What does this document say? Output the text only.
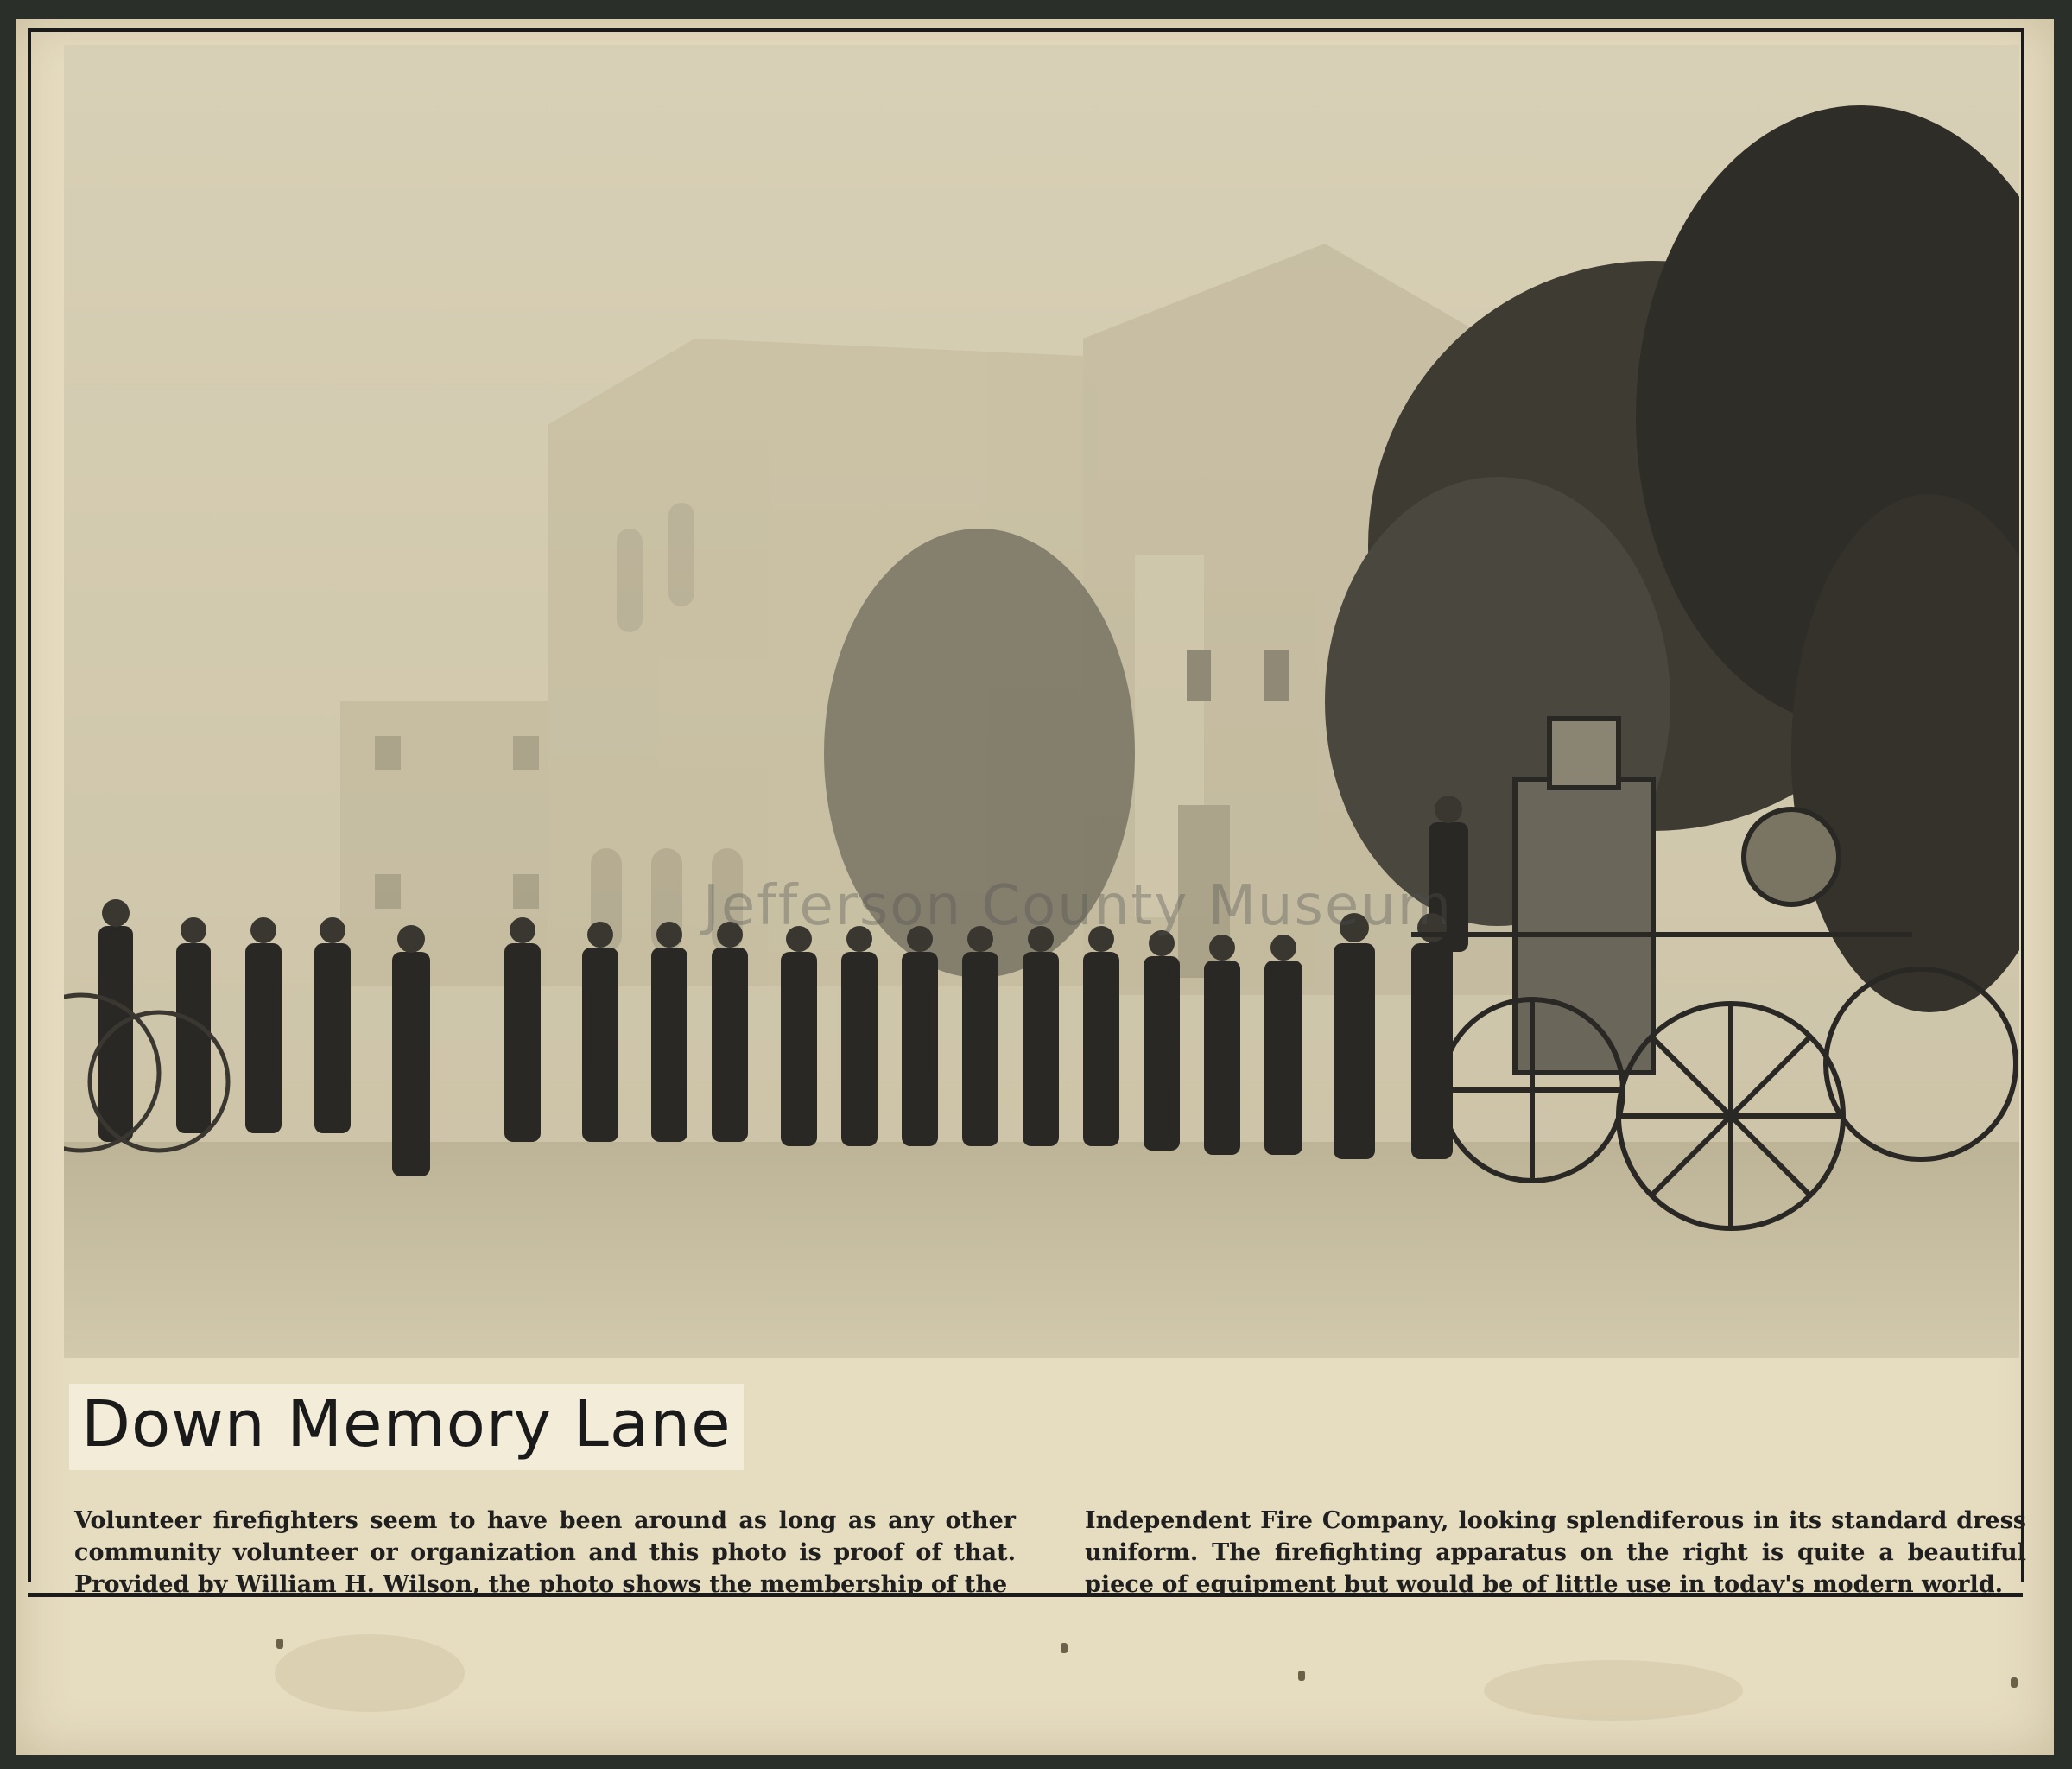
Jefferson County Museum
Down Memory Lane
Volunteer firefighters seem to have been around as long as any other community volunteer or organization and this photo is proof of that. Provided by William H. Wilson, the photo shows the membership of the
Independent Fire Company, looking splendiferous in its standard dress uniform. The firefighting apparatus on the right is quite a beautiful piece of equipment but would be of little use in today's modern world.
